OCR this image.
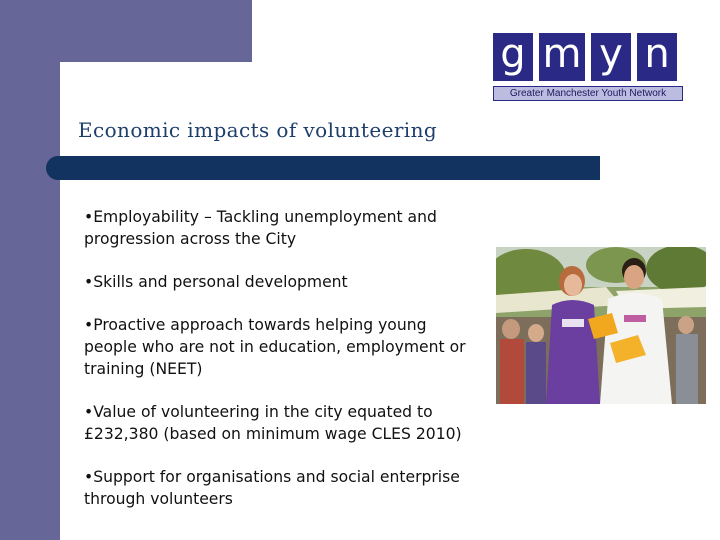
Economic impacts of volunteering
g m y n
Greater Manchester Youth Network
•Employability – Tackling unemployment and progression across the City
•Skills and personal development
•Proactive approach towards helping young people who are not in education, employment or training (NEET)
•Value of volunteering in the city equated to £232,380 (based on minimum wage CLES 2010)
•Support for organisations and social enterprise through volunteers
